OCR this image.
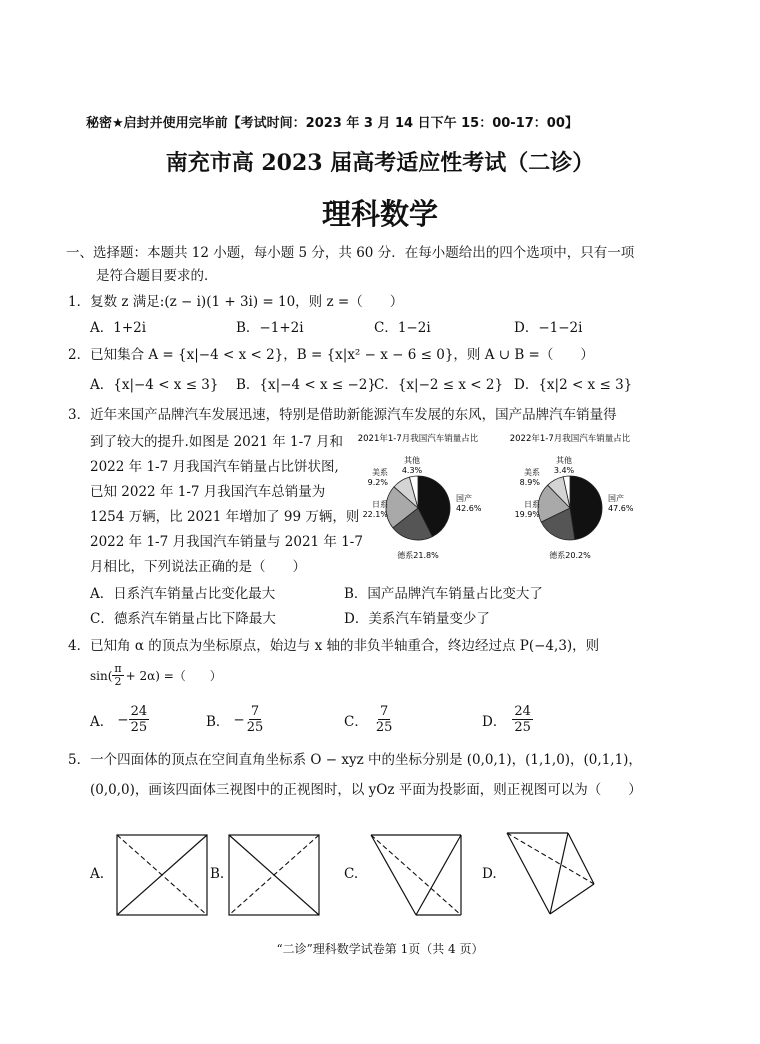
秘密★启封并使用完毕前【考试时间：2023 年 3 月 14 日下午 15：00-17：00】
南充市高 2023 届高考适应性考试（二诊）
理科数学
一、选择题：本题共 12 小题，每小题 5 分，共 60 分．在每小题给出的四个选项中，只有一项
是符合题目要求的．
1．复数 z 满足:(z − i)(1 + 3i) = 10，则 z =（　　）
A．1+2i	B．−1+2i	C．1−2i	D．−1−2i
2．已知集合 A = {x|−4 < x < 2}，B = {x|x² − x − 6 ≤ 0}，则 A ∪ B =（　　）
A．{x|−4 < x ≤ 3} B．{x|−4 < x ≤ −2}
C．{x|−2 ≤ x < 2} D．{x|2 < x ≤ 3}
3．近年来国产品牌汽车发展迅速，特别是借助新能源汽车发展的东风，国产品牌汽车销量得
到了较大的提升.如图是 2021 年 1-7 月和
2022 年 1-7 月我国汽车销量占比饼状图,
已知 2022 年 1-7 月我国汽车总销量为
1254 万辆，比 2021 年增加了 99 万辆，则
2022 年 1-7 月我国汽车销量与 2021 年 1-7
月相比，下列说法正确的是（　　）
2021年1-7月我国汽车销量占比
国产 42.6%
德系21.8%
日系 22.1%
美系 9.2%
其他 4.3%
2022年1-7月我国汽车销量占比
国产 47.6%
德系20.2%
日系 19.9%
美系 8.9%
其他 3.4%
A．日系汽车销量占比变化最大	B．国产品牌汽车销量占比变大了
C．德系汽车销量占比下降最大	D．美系汽车销量变少了
4．已知角 α 的顶点为坐标原点，始边与 x 轴的非负半轴重合，终边经过点 P(−4,3)，则
$\sin( \frac{\pi}{2} + 2\alpha)$ =（　　）
A． − $\frac{24}{25}$	B． − $\frac{7}{25}$	C． $\frac{7}{25}$	D． $\frac{24}{25}$
5．一个四面体的顶点在空间直角坐标系 O − xyz 中的坐标分别是 (0,0,1)，(1,1,0)，(0,1,1)，
(0,0,0)，画该四面体三视图中的正视图时，以 yOz 平面为投影面，则正视图可以为（　　）
A.	B.	C.	D.
“二诊”理科数学试卷第 1页（共 4 页）
